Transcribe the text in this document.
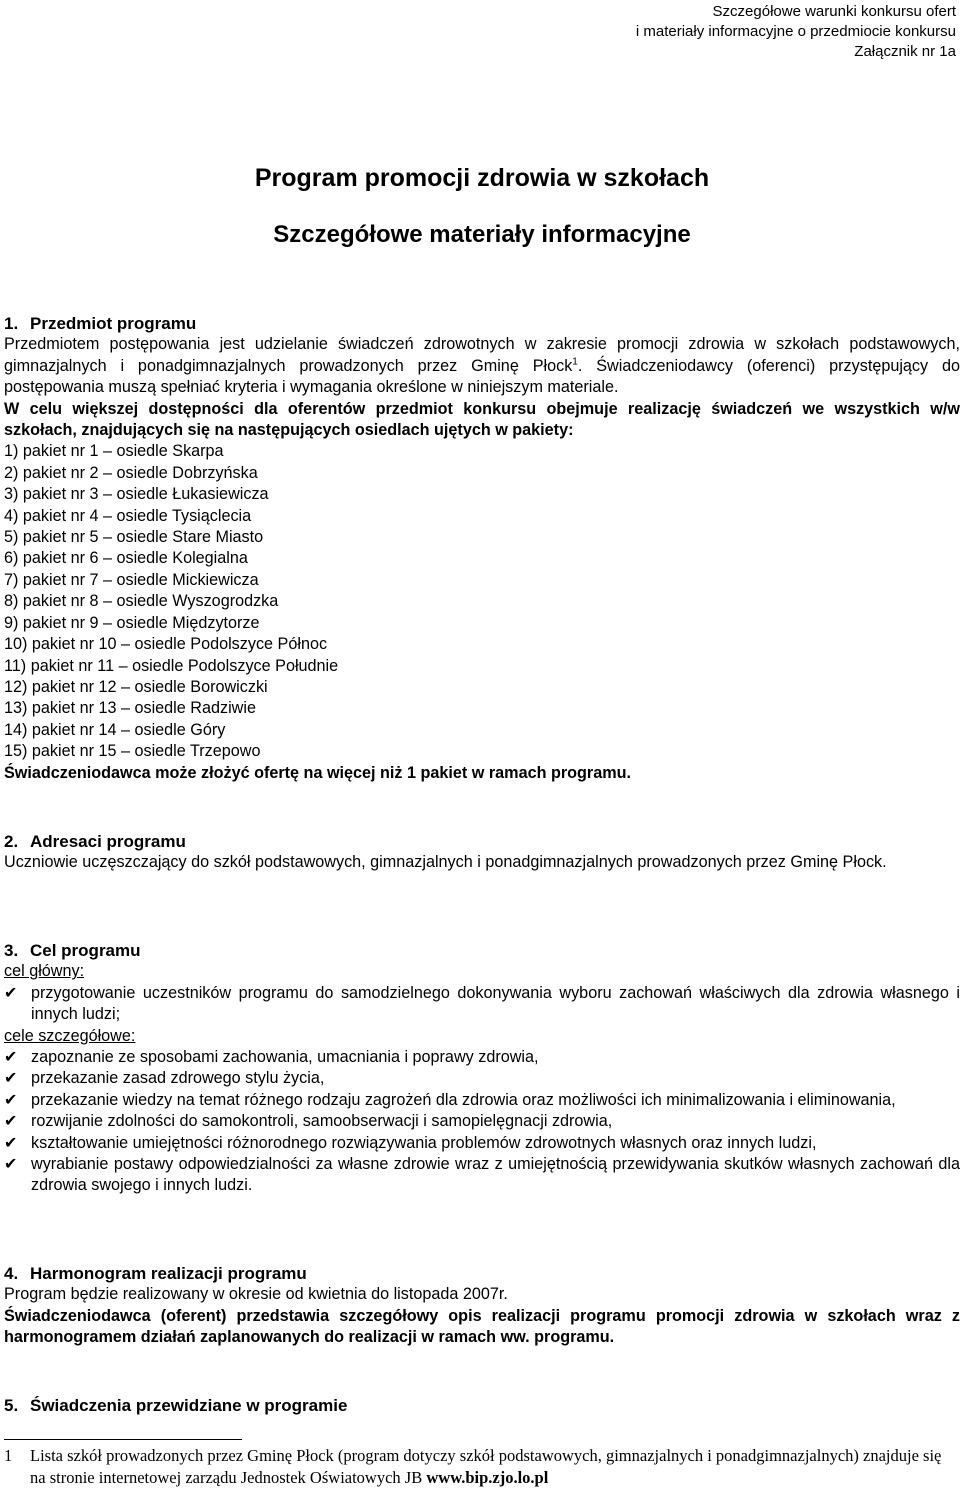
Szczegółowe warunki konkursu ofert
i materiały informacyjne o przedmiocie konkursu
Załącznik nr 1a
Program promocji zdrowia w szkołach
Szczegółowe materiały informacyjne
1. Przedmiot programu
Przedmiotem postępowania jest udzielanie świadczeń zdrowotnych w zakresie promocji zdrowia w szkołach podstawowych, gimnazjalnych i ponadgimnazjalnych prowadzonych przez Gminę Płock$^1$. Świadczeniodawcy (oferenci) przystępujący do postępowania muszą spełniać kryteria i wymagania określone w niniejszym materiale.
W celu większej dostępności dla oferentów przedmiot konkursu obejmuje realizację świadczeń we wszystkich w/w szkołach, znajdujących się na następujących osiedlach ujętych w pakiety:
1) pakiet nr 1 – osiedle Skarpa
2) pakiet nr 2 – osiedle Dobrzyńska
3) pakiet nr 3 – osiedle Łukasiewicza
4) pakiet nr 4 – osiedle Tysiąclecia
5) pakiet nr 5 – osiedle Stare Miasto
6) pakiet nr 6 – osiedle Kolegialna
7) pakiet nr 7 – osiedle Mickiewicza
8) pakiet nr 8 – osiedle Wyszogrodzka
9) pakiet nr 9 – osiedle Międzytorze
10) pakiet nr 10 – osiedle Podolszyce Północ
11) pakiet nr 11 – osiedle Podolszyce Południe
12) pakiet nr 12 – osiedle Borowiczki
13) pakiet nr 13 – osiedle Radziwie
14) pakiet nr 14 – osiedle Góry
15) pakiet nr 15 – osiedle Trzepowo
Świadczeniodawca może złożyć ofertę na więcej niż 1 pakiet w ramach programu.
2. Adresaci programu
Uczniowie uczęszczający do szkół podstawowych, gimnazjalnych i ponadgimnazjalnych prowadzonych przez Gminę Płock.
3. Cel programu
cel główny:
✔ przygotowanie uczestników programu do samodzielnego dokonywania wyboru zachowań właściwych dla zdrowia własnego i innych ludzi;
cele szczegółowe:
✔ zapoznanie ze sposobami zachowania, umacniania i poprawy zdrowia,
✔ przekazanie zasad zdrowego stylu życia,
✔ przekazanie wiedzy na temat różnego rodzaju zagrożeń dla zdrowia oraz możliwości ich minimalizowania i eliminowania,
✔ rozwijanie zdolności do samokontroli, samoobserwacji i samopielęgnacji zdrowia,
✔ kształtowanie umiejętności różnorodnego rozwiązywania problemów zdrowotnych własnych oraz innych ludzi,
✔ wyrabianie postawy odpowiedzialności za własne zdrowie wraz z umiejętnością przewidywania skutków własnych zachowań dla zdrowia swojego i innych ludzi.
4. Harmonogram realizacji programu
Program będzie realizowany w okresie od kwietnia do listopada 2007r.
Świadczeniodawca (oferent) przedstawia szczegółowy opis realizacji programu promocji zdrowia w szkołach wraz z harmonogramem działań zaplanowanych do realizacji w ramach ww. programu.
5. Świadczenia przewidziane w programie
1	Lista szkół prowadzonych przez Gminę Płock (program dotyczy szkół podstawowych, gimnazjalnych i ponadgimnazjalnych) znajduje się na stronie internetowej zarządu Jednostek Oświatowych JB www.bip.zjo.lo.pl
